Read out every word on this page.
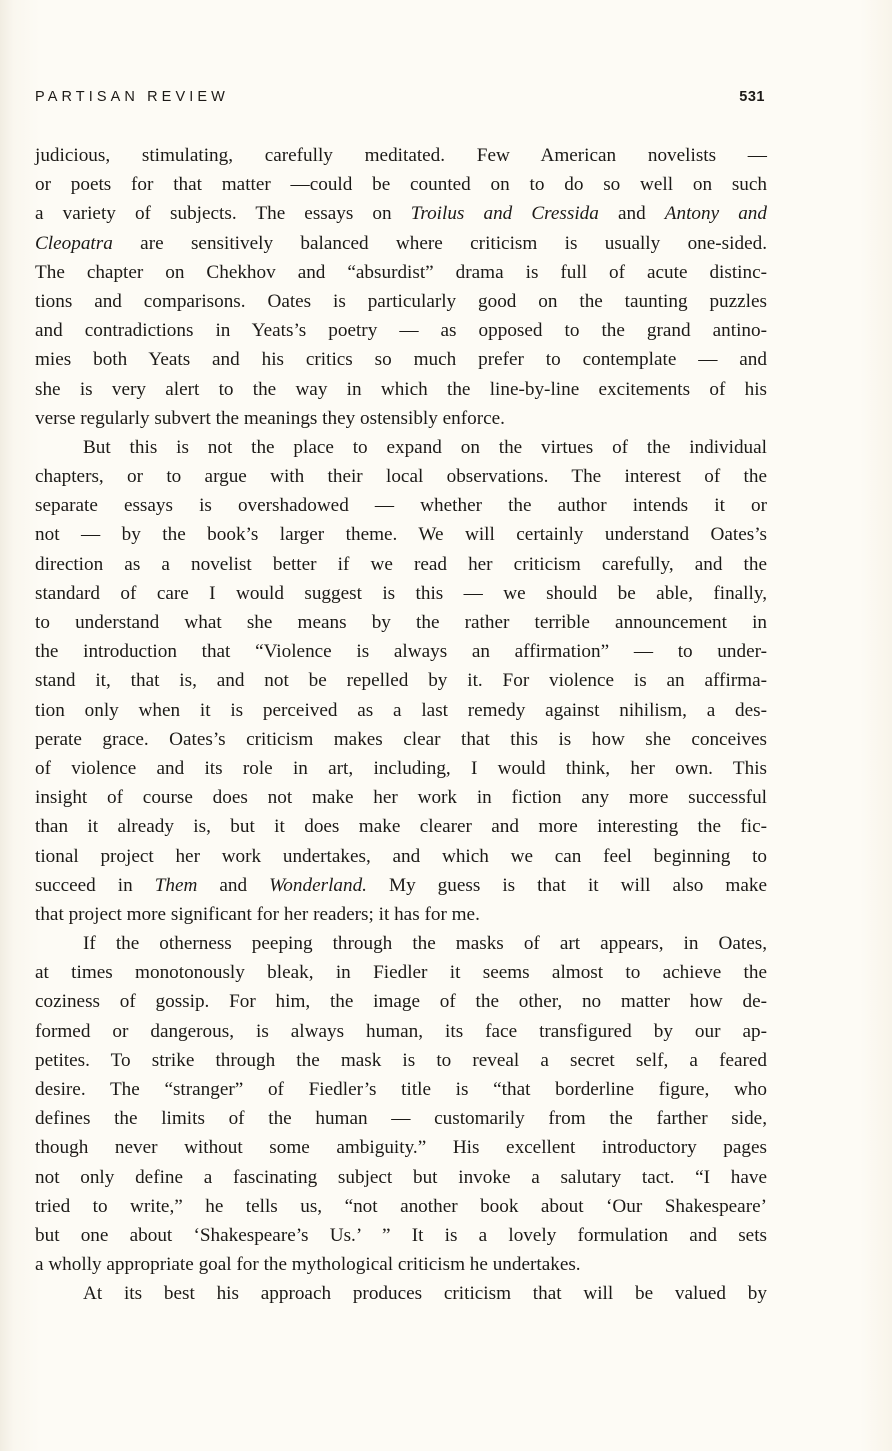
PARTISAN REVIEW	531
judicious, stimulating, carefully meditated. Few American novelists —
or poets for that matter —could be counted on to do so well on such
a variety of subjects. The essays on Troilus and Cressida and Antony and
Cleopatra are sensitively balanced where criticism is usually one-sided.
The chapter on Chekhov and “absurdist” drama is full of acute distinc-
tions and comparisons. Oates is particularly good on the taunting puzzles
and contradictions in Yeats’s poetry — as opposed to the grand antino-
mies both Yeats and his critics so much prefer to contemplate — and
she is very alert to the way in which the line-by-line excitements of his
verse regularly subvert the meanings they ostensibly enforce.
But this is not the place to expand on the virtues of the individual
chapters, or to argue with their local observations. The interest of the
separate essays is overshadowed — whether the author intends it or
not — by the book’s larger theme. We will certainly understand Oates’s
direction as a novelist better if we read her criticism carefully, and the
standard of care I would suggest is this — we should be able, finally,
to understand what she means by the rather terrible announcement in
the introduction that “Violence is always an affirmation” — to under-
stand it, that is, and not be repelled by it. For violence is an affirma-
tion only when it is perceived as a last remedy against nihilism, a des-
perate grace. Oates’s criticism makes clear that this is how she conceives
of violence and its role in art, including, I would think, her own. This
insight of course does not make her work in fiction any more successful
than it already is, but it does make clearer and more interesting the fic-
tional project her work undertakes, and which we can feel beginning to
succeed in Them and Wonderland. My guess is that it will also make
that project more significant for her readers; it has for me.
If the otherness peeping through the masks of art appears, in Oates,
at times monotonously bleak, in Fiedler it seems almost to achieve the
coziness of gossip. For him, the image of the other, no matter how de-
formed or dangerous, is always human, its face transfigured by our ap-
petites. To strike through the mask is to reveal a secret self, a feared
desire. The “stranger” of Fiedler’s title is “that borderline figure, who
defines the limits of the human — customarily from the farther side,
though never without some ambiguity.” His excellent introductory pages
not only define a fascinating subject but invoke a salutary tact. “I have
tried to write,” he tells us, “not another book about ‘Our Shakespeare’
but one about ‘Shakespeare’s Us.’ ” It is a lovely formulation and sets
a wholly appropriate goal for the mythological criticism he undertakes.
At its best his approach produces criticism that will be valued by
